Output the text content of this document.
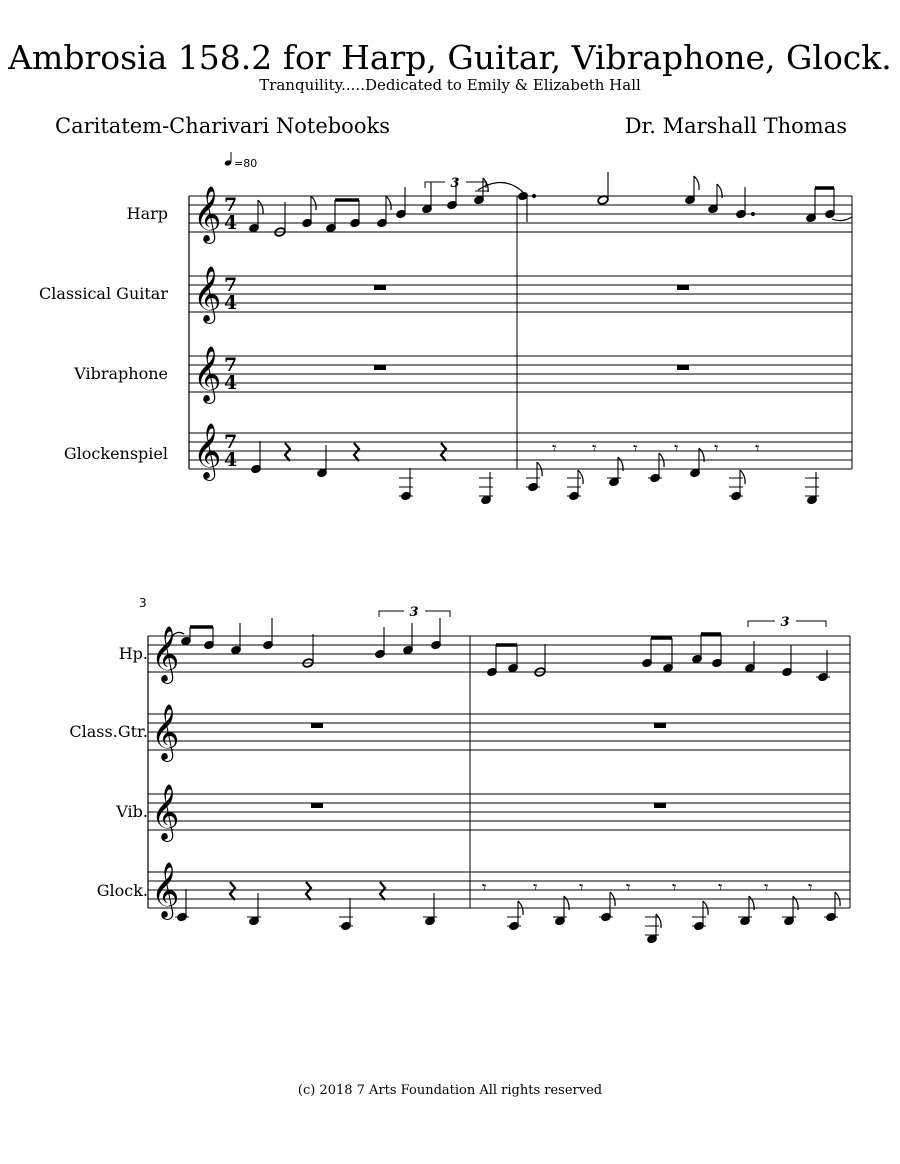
Ambrosia 158.2 for Harp, Guitar, Vibraphone, Glock.
Tranquility.....Dedicated to Emily & Elizabeth Hall
Caritatem-Charivari Notebooks	Dr. Marshall Thomas
=80
Harp
Classical Guitar
Vibraphone
Glockenspiel
𝄞
𝄞
𝄞
𝄞
7
4
7
4
7
4
7
4
3
𝄾 𝄾 𝄾 𝄾 𝄾 𝄾
3
Hp.
Class.Gtr.
Vib.
Glock.
𝄞
𝄞
𝄞
𝄞
3
3
𝄾	𝄾 𝄾 𝄾 𝄾 𝄾 𝄾 𝄾
(c) 2018 7 Arts Foundation All rights reserved
